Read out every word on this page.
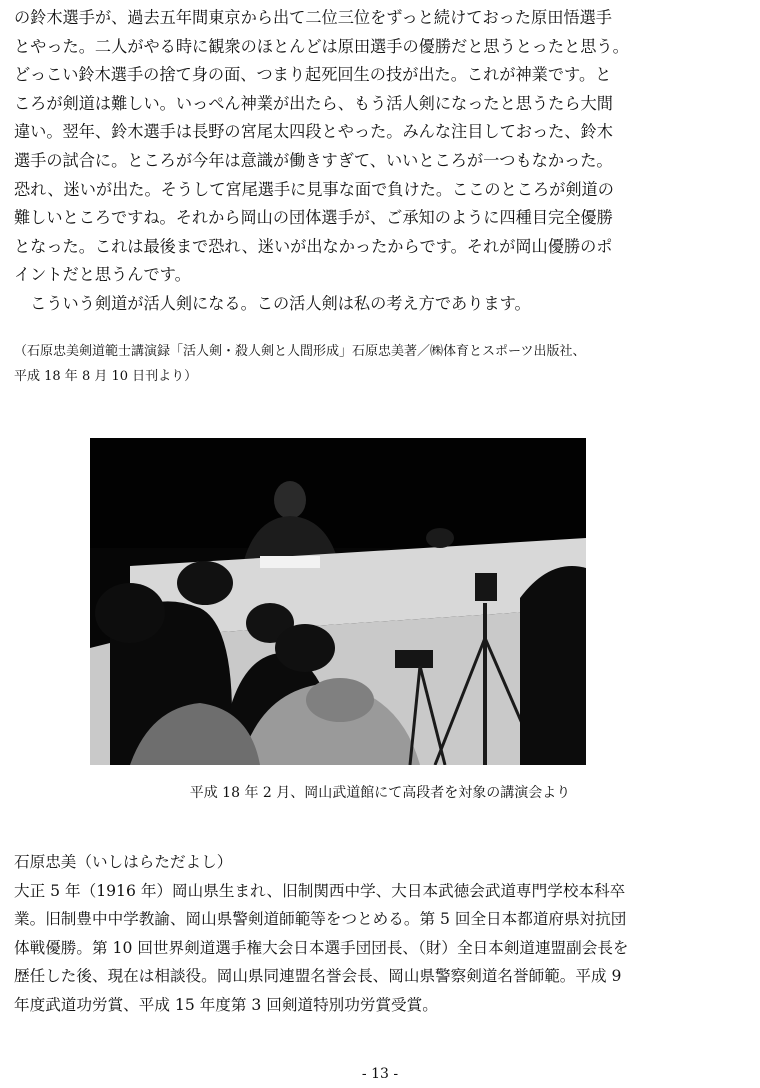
の鈴木選手が、過去五年間東京から出て二位三位をずっと続けておった原田悟選手

とやった。二人がやる時に観衆のほとんどは原田選手の優勝だと思うとったと思う。

どっこい鈴木選手の捨て身の面、つまり起死回生の技が出た。これが神業です。と

ころが剣道は難しい。いっぺん神業が出たら、もう活人剣になったと思うたら大間

違い。翌年、鈴木選手は長野の宮尾太四段とやった。みんな注目しておった、鈴木

選手の試合に。ところが今年は意識が働きすぎて、いいところが一つもなかった。

恐れ、迷いが出た。そうして宮尾選手に見事な面で負けた。ここのところが剣道の

難しいところですね。それから岡山の団体選手が、ご承知のように四種目完全優勝

となった。これは最後まで恐れ、迷いが出なかったからです。それが岡山優勝のポ

イントだと思うんです。

　こういう剣道が活人剣になる。この活人剣は私の考え方であります。

（石原忠美剣道範士講演録「活人剣・殺人剣と人間形成」石原忠美著／㈱体育とスポーツ出版社、

平成 18 年 8 月 10 日刊より）

平成 18 年 2 月、岡山武道館にて高段者を対象の講演会より

石原忠美（いしはらただよし）

大正 5 年（1916 年）岡山県生まれ、旧制関西中学、大日本武徳会武道専門学校本科卒

業。旧制豊中中学教諭、岡山県警剣道師範等をつとめる。第 5 回全日本都道府県対抗団

体戦優勝。第 10 回世界剣道選手権大会日本選手団団長、（財）全日本剣道連盟副会長を

歴任した後、現在は相談役。岡山県同連盟名誉会長、岡山県警察剣道名誉師範。平成 9

年度武道功労賞、平成 15 年度第 3 回剣道特別功労賞受賞。

- 13 -
